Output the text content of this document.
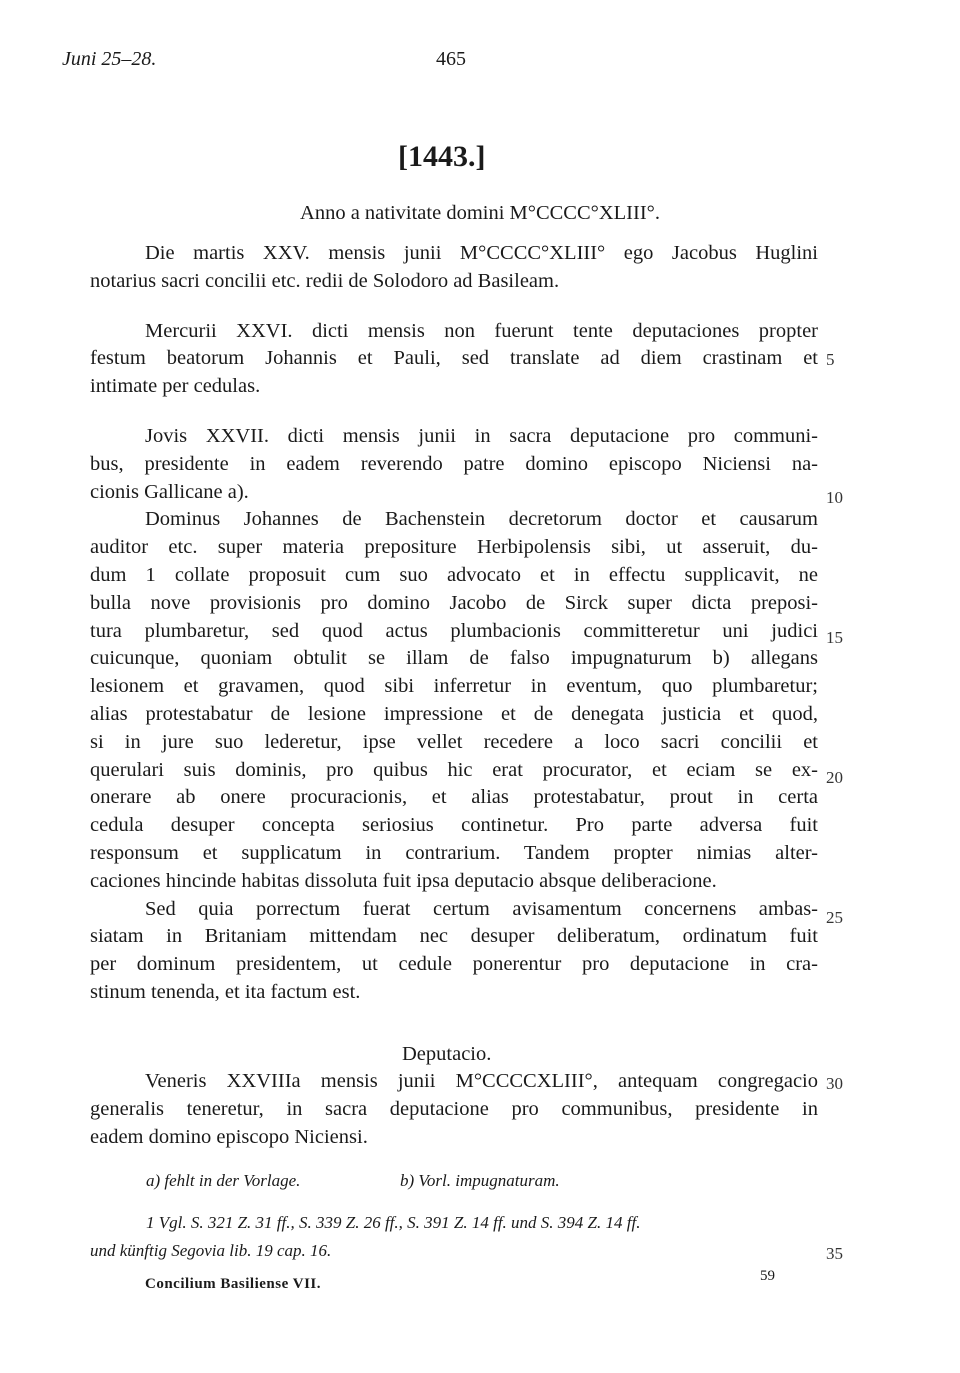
Juni 25–28.	465
[1443.]
Anno a nativitate domini M°CCCC°XLIII°.
Die martis XXV. mensis junii M°CCCC°XLIII° ego Jacobus Huglini
notarius sacri concilii etc. redii de Solodoro ad Basileam.
Mercurii XXVI. dicti mensis non fuerunt tente deputaciones propter
festum beatorum Johannis et Pauli, sed translate ad diem crastinam et
intimate per cedulas.
Jovis XXVII. dicti mensis junii in sacra deputacione pro communi-
bus, presidente in eadem reverendo patre domino episcopo Niciensi na-
cionis Gallicane a).
Dominus Johannes de Bachenstein decretorum doctor et causarum
auditor etc. super materia prepositure Herbipolensis sibi, ut asseruit, du-
dum 1 collate proposuit cum suo advocato et in effectu supplicavit, ne
bulla nove provisionis pro domino Jacobo de Sirck super dicta preposi-
tura plumbaretur, sed quod actus plumbacionis committeretur uni judici
cuicunque, quoniam obtulit se illam de falso impugnaturum b) allegans
lesionem et gravamen, quod sibi inferretur in eventum, quo plumbaretur;
alias protestabatur de lesione impressione et de denegata justicia et quod,
si in jure suo lederetur, ipse vellet recedere a loco sacri concilii et
querulari suis dominis, pro quibus hic erat procurator, et eciam se ex-
onerare ab onere procuracionis, et alias protestabatur, prout in certa
cedula desuper concepta seriosius continetur. Pro parte adversa fuit
responsum et supplicatum in contrarium. Tandem propter nimias alter-
caciones hincinde habitas dissoluta fuit ipsa deputacio absque deliberacione.
Sed quia porrectum fuerat certum avisamentum concernens ambas-
siatam in Britaniam mittendam nec desuper deliberatum, ordinatum fuit
per dominum presidentem, ut cedule ponerentur pro deputacione in cra-
stinum tenenda, et ita factum est.
Deputacio.
Veneris XXVIIIa mensis junii M°CCCCXLIII°, antequam congregacio
generalis teneretur, in sacra deputacione pro communibus, presidente in
eadem domino episcopo Niciensi.
5
10
15
20
25
30
35
a) fehlt in der Vorlage.	b) Vorl. impugnaturam.
1 Vgl. S. 321 Z. 31 ff., S. 339 Z. 26 ff., S. 391 Z. 14 ff. und S. 394 Z. 14 ff.
und künftig Segovia lib. 19 cap. 16.
Concilium Basiliense VII.	59
